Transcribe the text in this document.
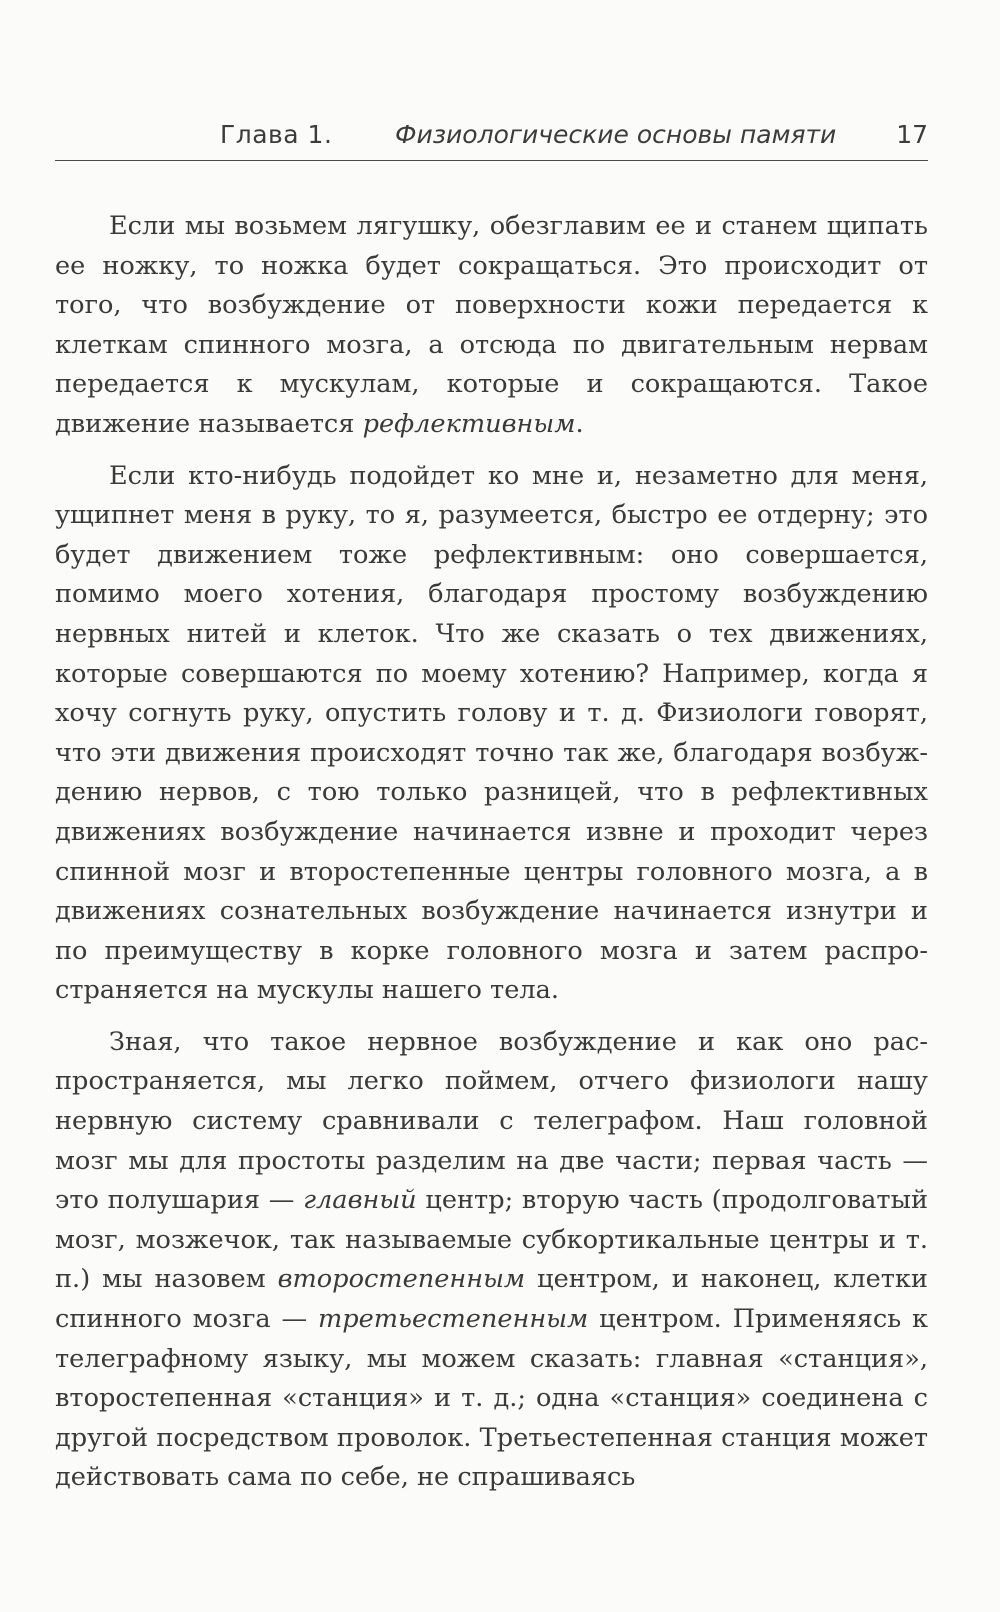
Глава 1.	Физиологические основы памяти 17

Если мы возьмем лягушку, обезглавим ее и станем щипать ее ножку, то ножка будет сокращаться. Это происходит от того, что возбуждение от поверхности кожи передается к клеткам спинного мозга, а отсюда по двигательным нервам передается к мускулам, которые и сокращаются. Такое движение называется рефлективным.

Если кто-нибудь подойдет ко мне и, незаметно для меня, ущипнет меня в руку, то я, разумеется, быстро ее отдерну; это будет движением тоже рефлективным: оно совершается, помимо моего хотения, благодаря простому возбуждению нервных нитей и клеток. Что же сказать о тех движениях, которые совершаются по моему хотению? Например, когда я хочу согнуть руку, опустить голову и т. д. Физиологи говорят, что эти движения происходят точно так же, благодаря возбуждению нервов, с тою только разницей, что в рефлективных движениях возбуждение начинается извне и проходит через спинной мозг и второстепенные центры головного мозга, а в движениях сознательных возбуждение начинается изнутри и по преимуществу в корке головного мозга и затем распространяется на мускулы нашего тела.

Зная, что такое нервное возбуждение и как оно распространяется, мы легко поймем, отчего физиологи нашу нервную систему сравнивали с телеграфом. Наш головной мозг мы для простоты разделим на две части; первая часть — это полушария — главный центр; вторую часть (продолговатый мозг, мозжечок, так называемые субкортикальные центры и т. п.) мы назовем второстепенным центром, и наконец, клетки спинного мозга — третьестепенным центром. Применяясь к телеграфному языку, мы можем сказать: главная «станция», второстепенная «станция» и т. д.; одна «станция» соединена с другой посредством проволок. Третьестепенная станция может действовать сама по себе, не спрашиваясь
